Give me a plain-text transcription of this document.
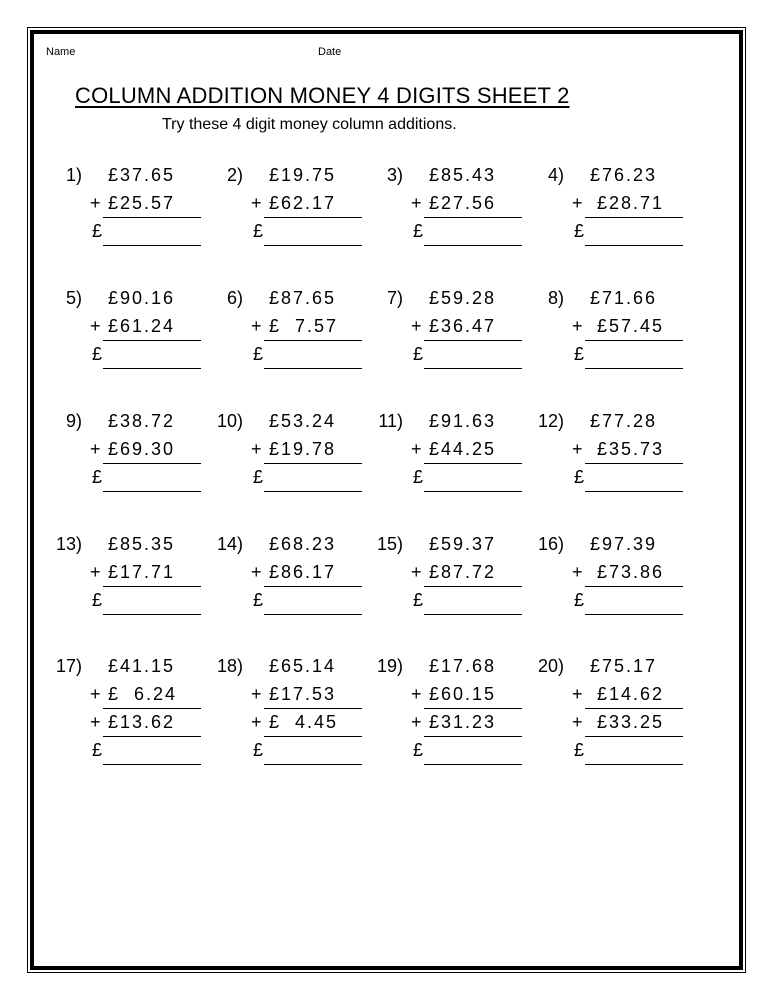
Name	Date
COLUMN ADDITION MONEY 4 DIGITS SHEET 2
Try these 4 digit money column additions.
1) £37.65
+ £25.57
£
2) £19.75
+ £62.17
£
3) £85.43
+ £27.56
£
4) £76.23
+ £28.71
£
5) £90.16
+ £61.24
£
6) £87.65
+ £  7.57
£
7) £59.28
+ £36.47
£
8) £71.66
+ £57.45
£
9) £38.72
+ £69.30
£
10) £53.24
+ £19.78
£
11) £91.63
+ £44.25
£
12) £77.28
+ £35.73
£
13) £85.35
+ £17.71
£
14) £68.23
+ £86.17
£
15) £59.37
+ £87.72
£
16) £97.39
+ £73.86
£
17) £41.15
+ £  6.24
+ £13.62
£
18) £65.14
+ £17.53
+ £  4.45
£
19) £17.68
+ £60.15
+ £31.23
£
20) £75.17
+ £14.62
+ £33.25
£
